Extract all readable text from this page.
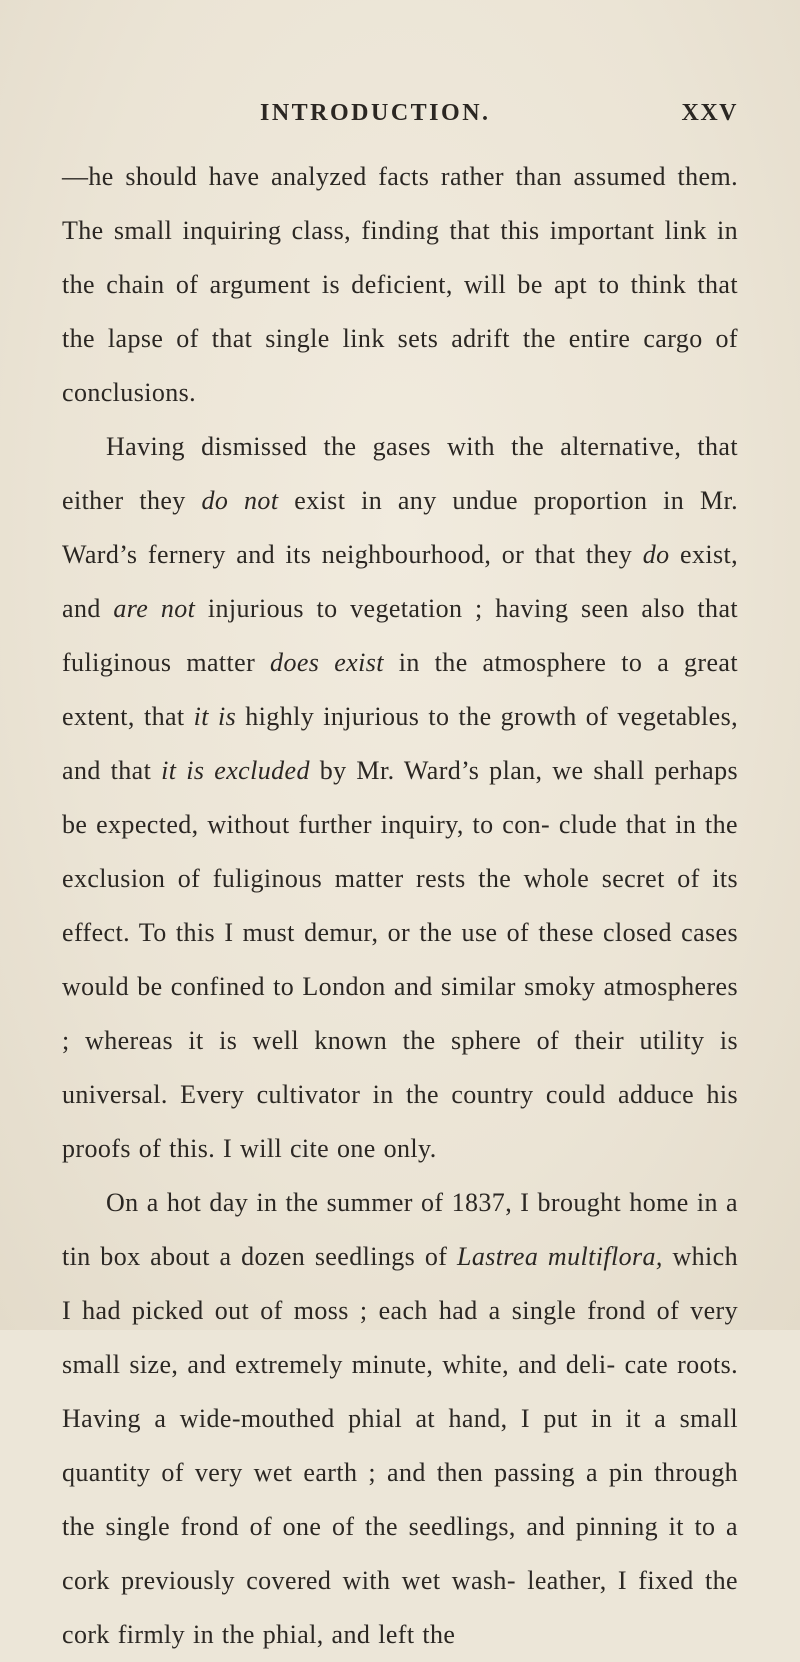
INTRODUCTION.	XXV

—he should have analyzed facts rather than assumed them. The small inquiring class, finding that this important link in the chain of argument is deficient, will be apt to think that the lapse of that single link sets adrift the entire cargo of conclusions.

Having dismissed the gases with the alternative, that either they do not exist in any undue proportion in Mr. Ward’s fernery and its neighbourhood, or that they do exist, and are not injurious to vegetation ; having seen also that fuliginous matter does exist in the atmosphere to a great extent, that it is highly injurious to the growth of vegetables, and that it is excluded by Mr. Ward’s plan, we shall perhaps be expected, without further inquiry, to con- clude that in the exclusion of fuliginous matter rests the whole secret of its effect. To this I must demur, or the use of these closed cases would be confined to London and similar smoky atmospheres ; whereas it is well known the sphere of their utility is universal. Every cultivator in the country could adduce his proofs of this. I will cite one only.

On a hot day in the summer of 1837, I brought home in a tin box about a dozen seedlings of Lastrea multiflora, which I had picked out of moss ; each had a single frond of very small size, and extremely minute, white, and deli- cate roots. Having a wide-mouthed phial at hand, I put in it a small quantity of very wet earth ; and then passing a pin through the single frond of one of the seedlings, and pinning it to a cork previously covered with wet wash- leather, I fixed the cork firmly in the phial, and left the
